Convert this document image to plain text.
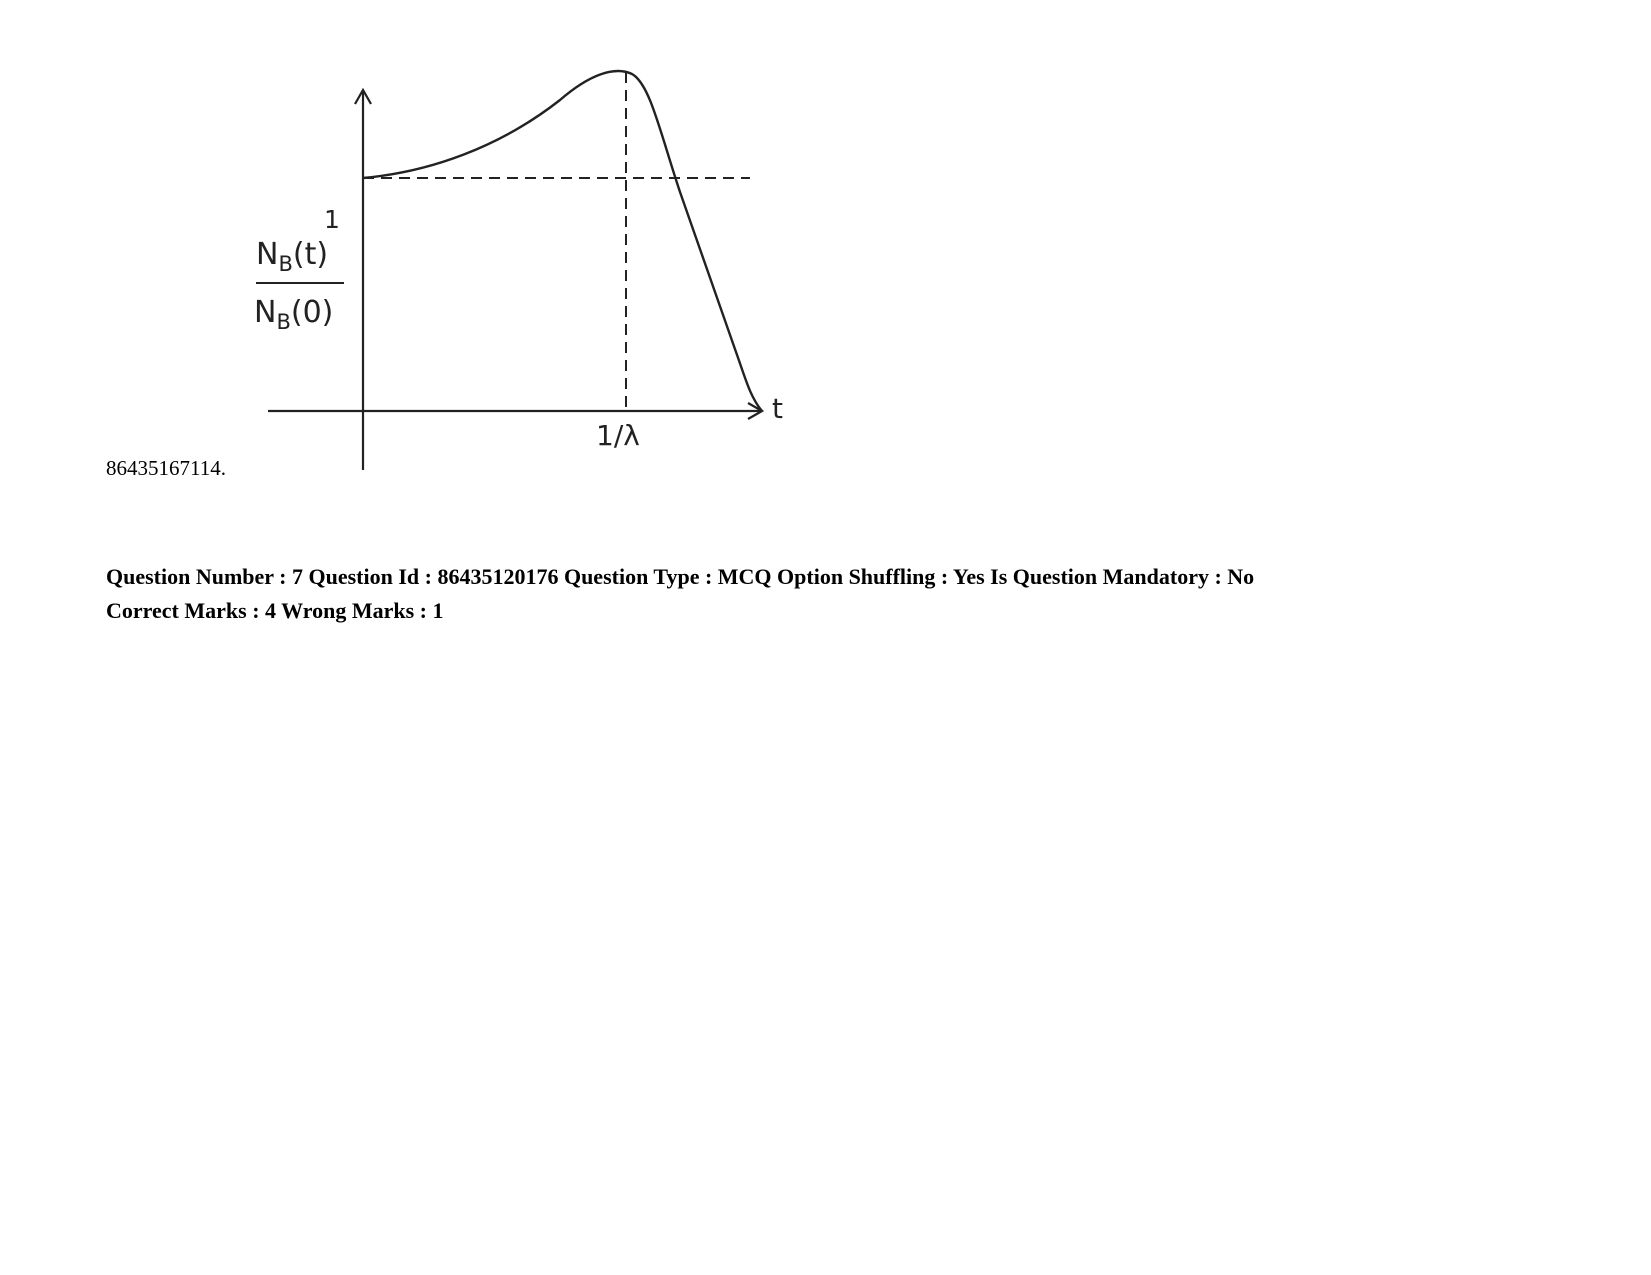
1
$N_B(t)$
$N_B(0)$
t
1/λ
86435167114.
Question Number : 7 Question Id : 86435120176 Question Type : MCQ Option Shuffling : Yes Is Question Mandatory : No
Correct Marks : 4 Wrong Marks : 1
